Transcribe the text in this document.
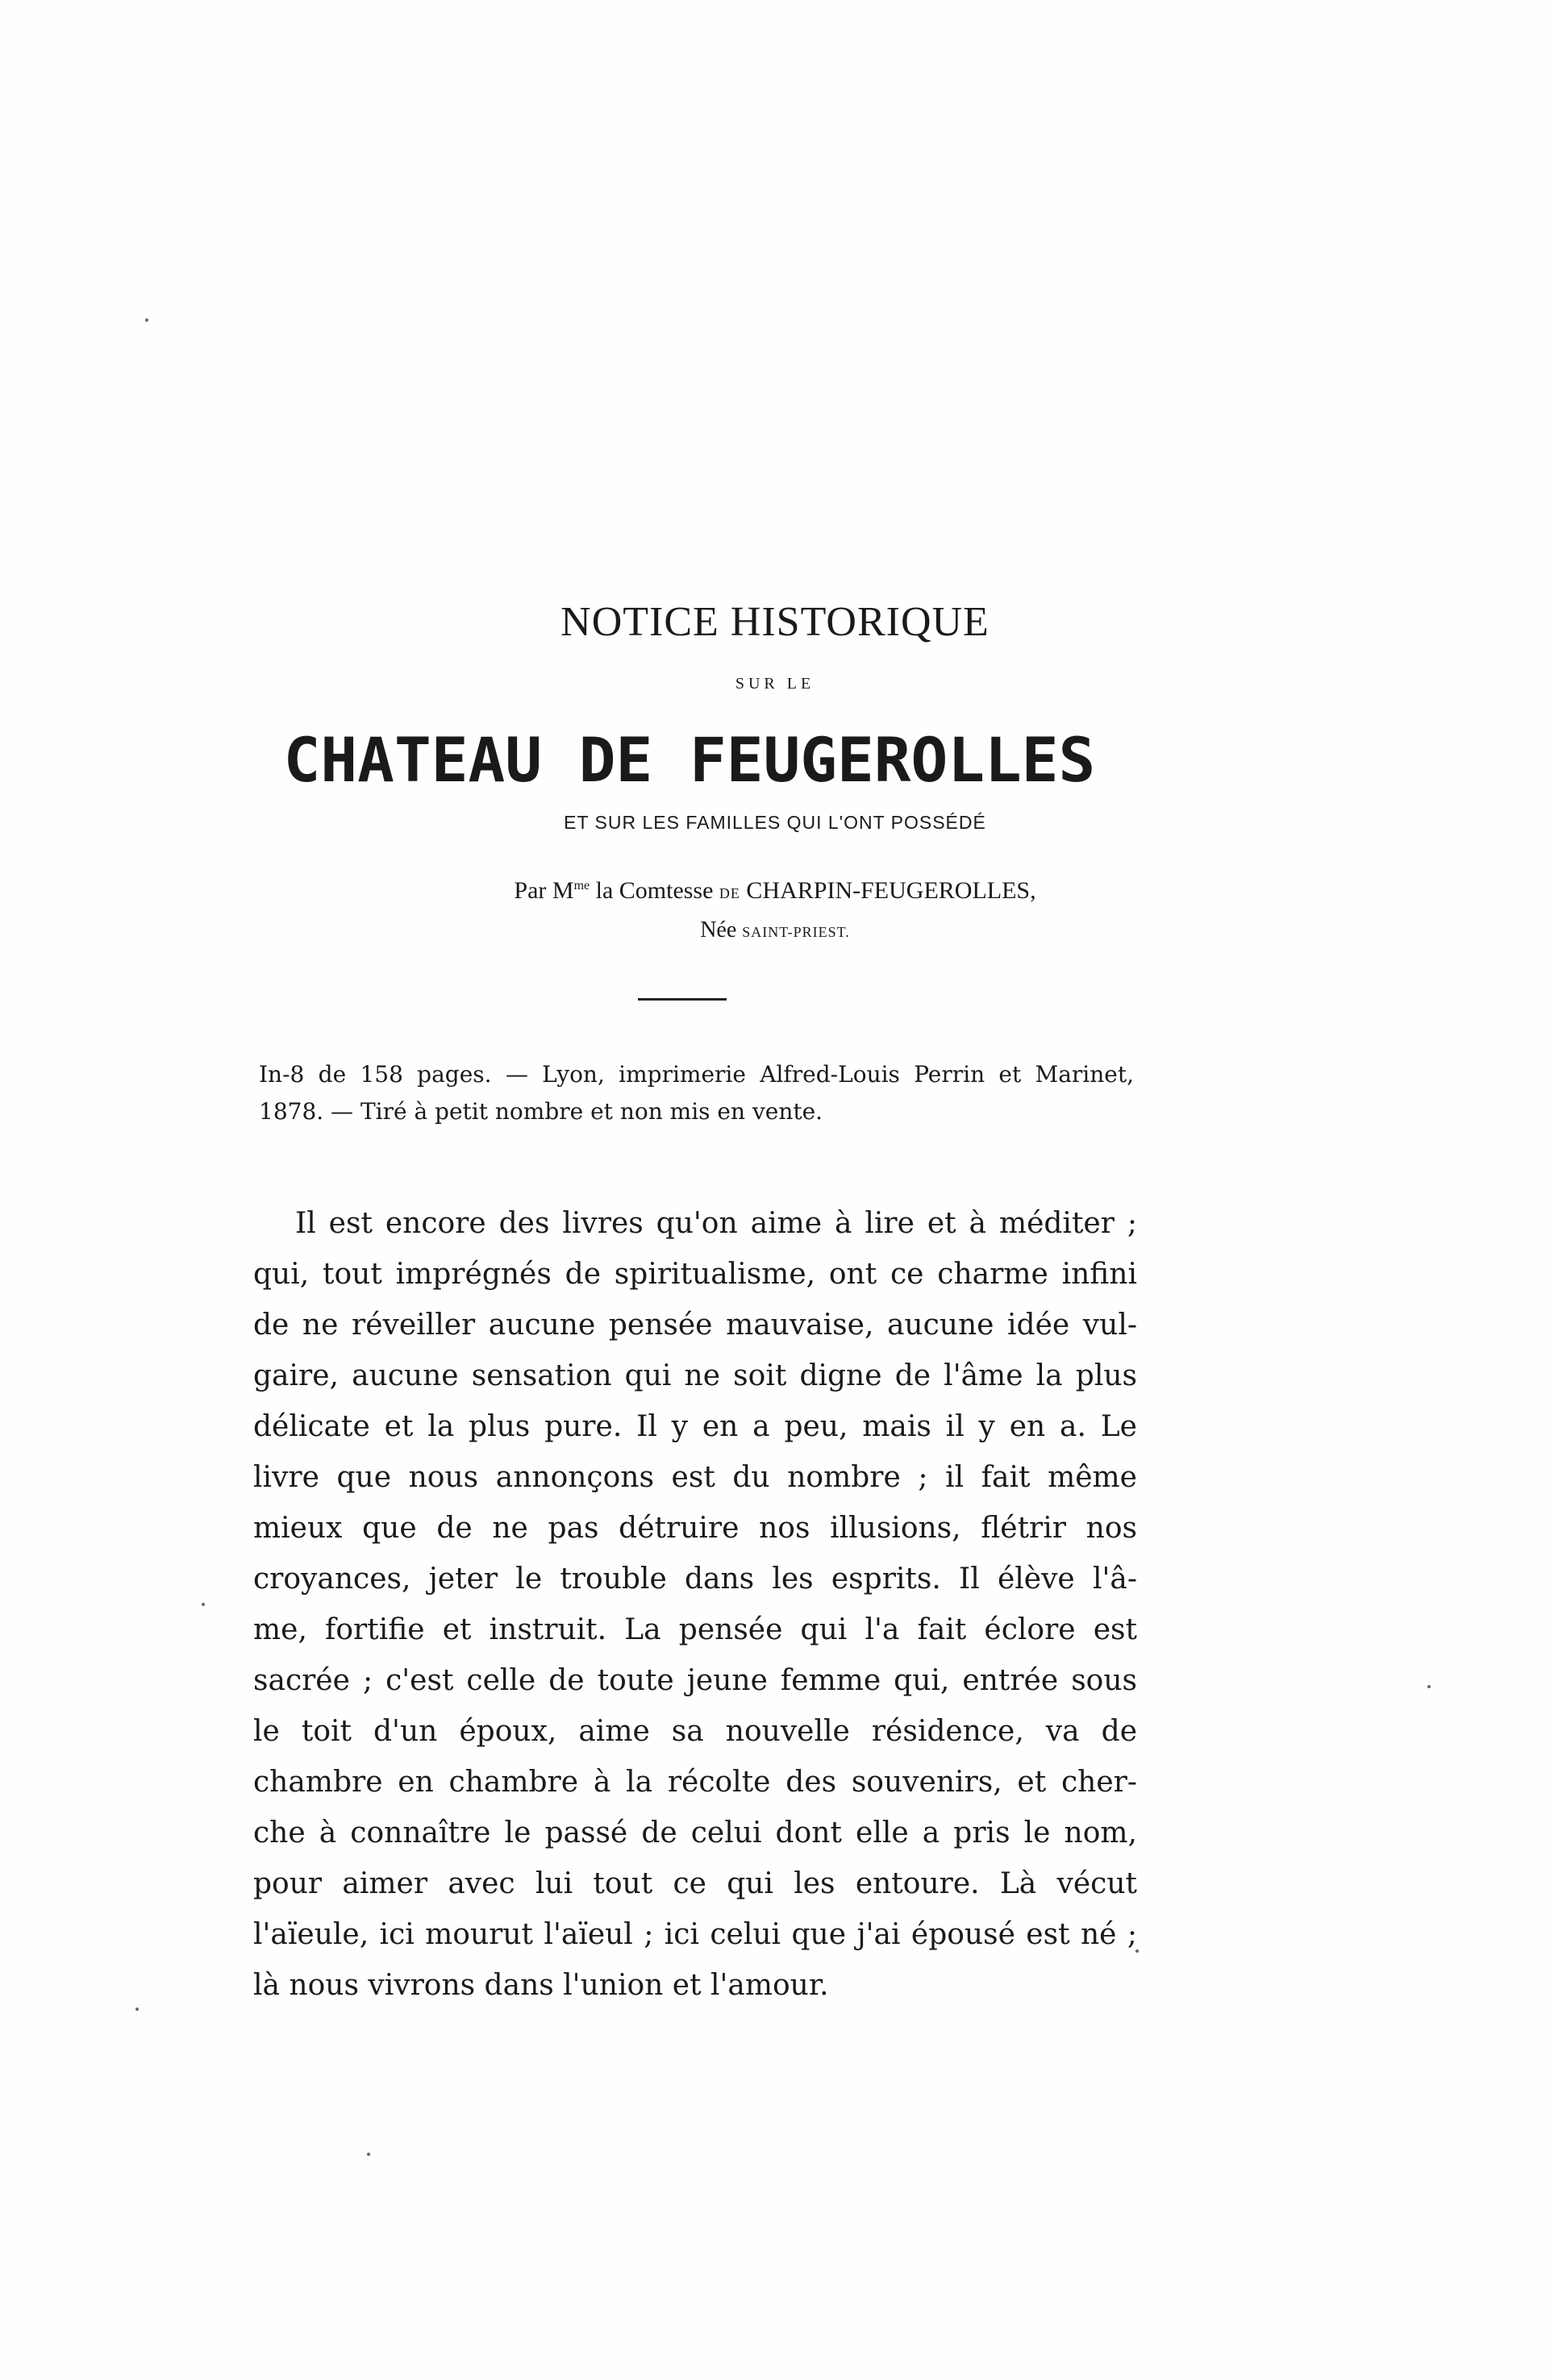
NOTICE HISTORIQUE
SUR LE
CHATEAU DE FEUGEROLLES
ET SUR LES FAMILLES QUI L'ONT POSSÉDÉ
Par $M^{me}$ la Comtesse DE CHARPIN-FEUGEROLLES,
Née SAINT-PRIEST.
In-8 de 158 pages. — Lyon, imprimerie Alfred-Louis Perrin et Marinet, 1878. — Tiré à petit nombre et non mis en vente.
Il est encore des livres qu'on aime à lire et à méditer ;
qui, tout imprégnés de spiritualisme, ont ce charme infini
de ne réveiller aucune pensée mauvaise, aucune idée vul-
gaire, aucune sensation qui ne soit digne de l'âme la plus
délicate et la plus pure. Il y en a peu, mais il y en a. Le
livre que nous annonçons est du nombre ; il fait même
mieux que de ne pas détruire nos illusions, flétrir nos
croyances, jeter le trouble dans les esprits. Il élève l'â-
me, fortifie et instruit. La pensée qui l'a fait éclore est
sacrée ; c'est celle de toute jeune femme qui, entrée sous
le toit d'un époux, aime sa nouvelle résidence, va de
chambre en chambre à la récolte des souvenirs, et cher-
che à connaître le passé de celui dont elle a pris le nom,
pour aimer avec lui tout ce qui les entoure. Là vécut
l'aïeule, ici mourut l'aïeul ; ici celui que j'ai épousé est né ;
là nous vivrons dans l'union et l'amour.
